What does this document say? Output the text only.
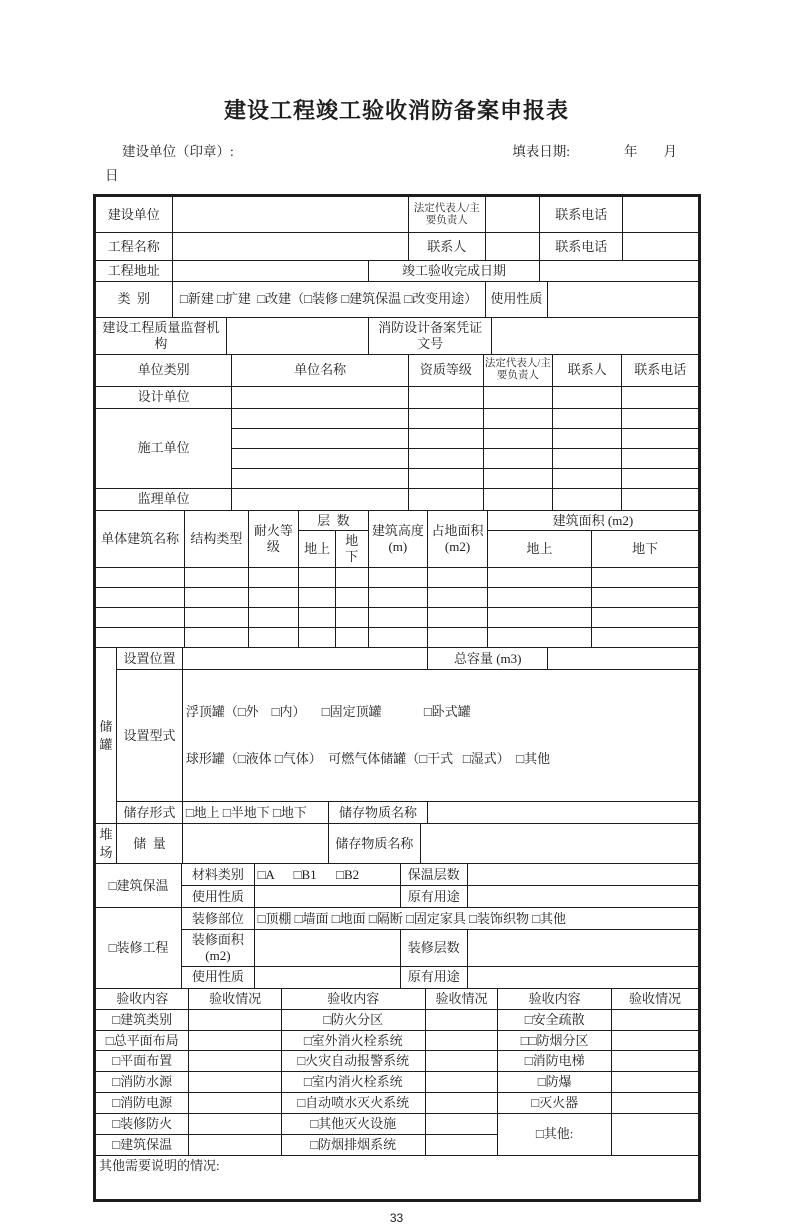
建设工程竣工验收消防备案申报表
建设单位（印章）:	填表日期:	年 月
日
建设单位		法定代表人/主要负责人		联系电话	
工程名称		联系人		联系电话	
工程地址		竣工验收完成日期	
类  别	□新建 □扩建  □改建（□装修 □建筑保温 □改变用途）	使用性质	
建设工程质量监督机构		消防设计备案凭证文号	
单位类别	单位名称	资质等级	法定代表人/主要负责人	联系人	联系电话
设计单位					
施工单位					

监理单位					
单体建筑名称	结构类型	耐火等级	层  数		建筑高度 (m)	占地面积 (m2)	建筑面积 (m2)	
			地上	地下			地上	地下

储罐	设置位置			总容量 (m3)	
	设置型式	浮顶罐（□外    □内）     □固定顶罐             □卧式罐

球形罐（□液体 □气体）  可燃气体储罐（□干式   □湿式）  □其他			

	储存形式	□地上 □半地下 □地下	储存物质名称		
堆场	储  量		储存物质名称	
□建筑保温	材料类别	□A      □B1      □B2	保温层数	
	使用性质		原有用途	
□装修工程	装修部位	□顶棚 □墙面 □地面 □隔断 □固定家具 □装饰织物 □其他		
	装修面积 (m2)		装修层数	
	使用性质		原有用途	
验收内容	验收情况	验收内容	验收情况	验收内容	验收情况
□建筑类别		□防火分区		□安全疏散	
□总平面布局		□室外消火栓系统		□□防烟分区	
□平面布置		□火灾自动报警系统		□消防电梯	
□消防水源		□室内消火栓系统		□防爆	
□消防电源		□自动喷水灭火系统		□灭火器	
□装修防火		□其他灭火设施		□其他:	
□建筑保温		□防烟排烟系统			
其他需要说明的情况:
33
